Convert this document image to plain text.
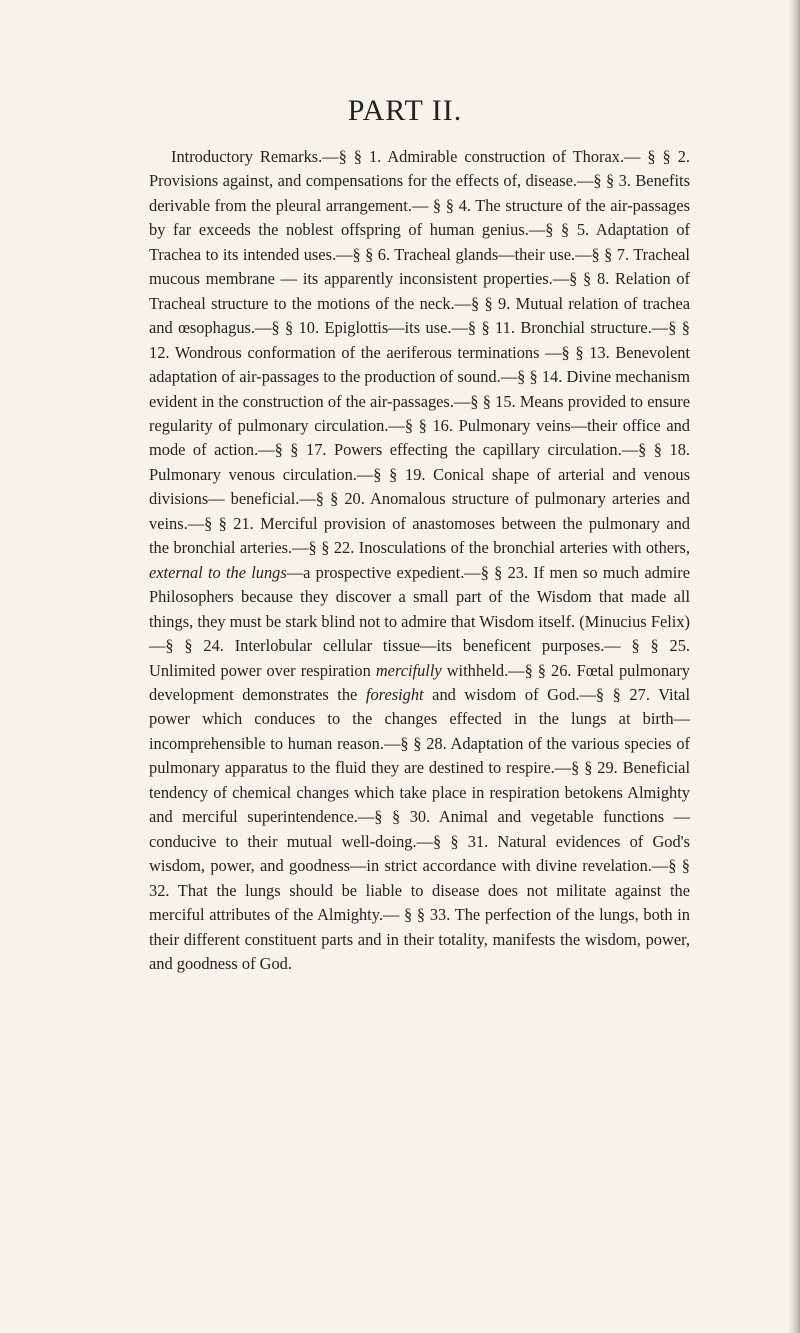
PART II.

Introductory Remarks.—§ § 1. Admirable construction of Thorax.— § § 2. Provisions against, and compensations for the effects of, disease.—§ § 3. Benefits derivable from the pleural arrangement.— § § 4. The structure of the air-passages by far exceeds the noblest offspring of human genius.—§ § 5. Adaptation of Trachea to its intended uses.—§ § 6. Tracheal glands—their use.—§ § 7. Tracheal mucous membrane — its apparently inconsistent properties.—§ § 8. Relation of Tracheal structure to the motions of the neck.—§ § 9. Mutual relation of trachea and œsophagus.—§ § 10. Epiglottis—its use.—§ § 11. Bronchial structure.—§ § 12. Wondrous conformation of the aeriferous terminations —§ § 13. Benevolent adaptation of air-passages to the production of sound.—§ § 14. Divine mechanism evident in the construction of the air-passages.—§ § 15. Means provided to ensure regularity of pulmonary circulation.—§ § 16. Pulmonary veins—their office and mode of action.—§ § 17. Powers effecting the capillary circulation.—§ § 18. Pulmonary venous circulation.—§ § 19. Conical shape of arterial and venous divisions— beneficial.—§ § 20. Anomalous structure of pulmonary arteries and veins.—§ § 21. Merciful provision of anastomoses between the pulmonary and the bronchial arteries.—§ § 22. Inosculations of the bronchial arteries with others, external to the lungs—a prospective expedient.—§ § 23. If men so much admire Philosophers because they discover a small part of the Wisdom that made all things, they must be stark blind not to admire that Wisdom itself. (Minucius Felix)—§ § 24. Interlobular cellular tissue—its beneficent purposes.— § § 25. Unlimited power over respiration mercifully withheld.—§ § 26. Fœtal pulmonary development demonstrates the foresight and wisdom of God.—§ § 27. Vital power which conduces to the changes effected in the lungs at birth—incomprehensible to human reason.—§ § 28. Adaptation of the various species of pulmonary apparatus to the fluid they are destined to respire.—§ § 29. Beneficial tendency of chemical changes which take place in respiration betokens Almighty and merciful superintendence.—§ § 30. Animal and vegetable functions —conducive to their mutual well-doing.—§ § 31. Natural evidences of God's wisdom, power, and goodness—in strict accordance with divine revelation.—§ § 32. That the lungs should be liable to disease does not militate against the merciful attributes of the Almighty.— § § 33. The perfection of the lungs, both in their different constituent parts and in their totality, manifests the wisdom, power, and goodness of God.
